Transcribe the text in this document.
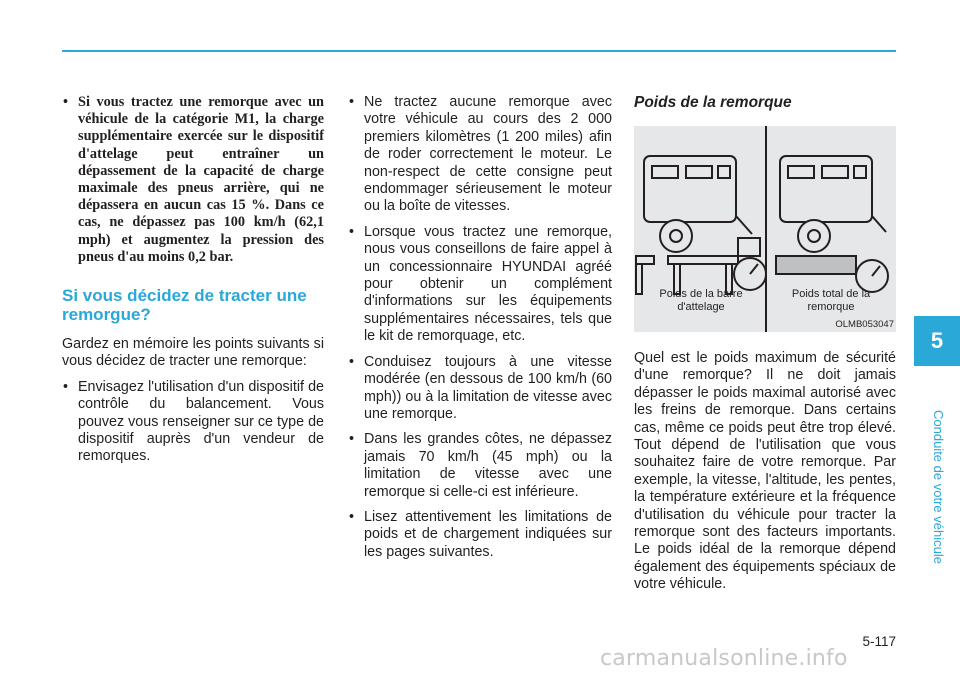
• Si vous tractez une remorque avec un véhicule de la catégorie M1, la charge supplémentaire exercée sur le dispositif d'attelage peut entraîner un dépassement de la capacité de charge maximale des pneus arrière, qui ne dépassera en aucun cas 15 %. Dans ce cas, ne dépassez pas 100 km/h (62,1 mph) et augmentez la pression des pneus d'au moins 0,2 bar.
Si vous décidez de tracter une remorgue?

Gardez en mémoire les points suivants si vous décidez de tracter une remorque:

• Envisagez l'utilisation d'un dispositif de contrôle du balancement. Vous pouvez vous renseigner sur ce type de dispositif auprès d'un vendeur de remorques.
• Ne tractez aucune remorque avec votre véhicule au cours des 2 000 premiers kilomètres (1 200 miles) afin de roder correctement le moteur. Le non-respect de cette consigne peut endommager sérieusement le moteur ou la boîte de vitesses.
• Lorsque vous tractez une remorque, nous vous conseillons de faire appel à un concessionnaire HYUNDAI agréé pour obtenir un complément d'informations sur les équipements supplémentaires nécessaires, tels que le kit de remorquage, etc.
• Conduisez toujours à une vitesse modérée (en dessous de 100 km/h (60 mph)) ou à la limitation de vitesse avec une remorque.
• Dans les grandes côtes, ne dépassez jamais 70 km/h (45 mph) ou la limitation de vitesse avec une remorque si celle-ci est inférieure.
• Lisez attentivement les limitations de poids et de chargement indiquées sur les pages suivantes.
Poids de la remorque
Poids de la barre d'attelage
Poids total de la remorque
OLMB053047

Quel est le poids maximum de sécurité d'une remorque? Il ne doit jamais dépasser le poids maximal autorisé avec les freins de remorque. Dans certains cas, même ce poids peut être trop élevé. Tout dépend de l'utilisation que vous souhaitez faire de votre remorque. Par exemple, la vitesse, l'altitude, les pentes, la température extérieure et la fréquence d'utilisation du véhicule pour tracter la remorque sont des facteurs importants. Le poids idéal de la remorque dépend également des équipements spéciaux de votre véhicule.

5
Conduite de votre véhicule
5-117
carmanualsonline.info
